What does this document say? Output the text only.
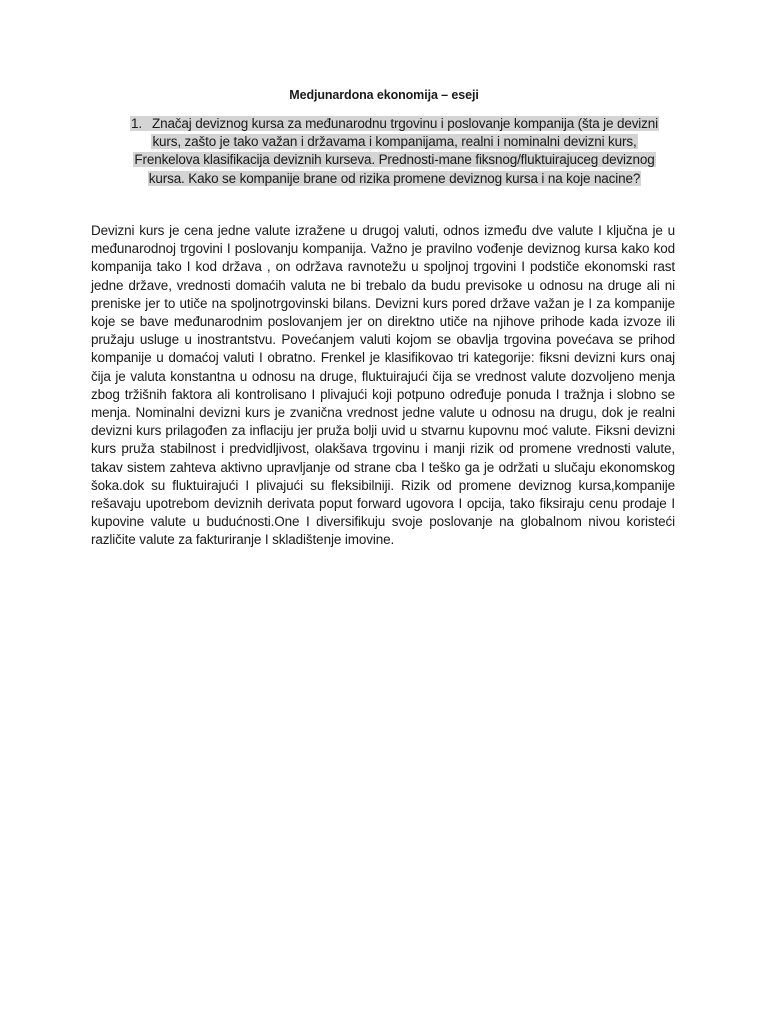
Medjunardona ekonomija – eseji
1. Značaj deviznog kursa za međunarodnu trgovinu i poslovanje kompanija (šta je devizni kurs, zašto je tako važan i državama i kompanijama, realni i nominalni devizni kurs, Frenkelova klasifikacija deviznih kurseva. Prednosti-mane fiksnog/fluktuirajuceg deviznog kursa. Kako se kompanije brane od rizika promene deviznog kursa i na koje nacine?

Devizni kurs je cena jedne valute izražene u drugoj valuti, odnos između dve valute I ključna je u međunarodnoj trgovini I poslovanju kompanija. Važno je pravilno vođenje deviznog kursa kako kod kompanija tako I kod država , on održava ravnotežu u spoljnoj trgovini I podstiče ekonomski rast jedne države, vrednosti domaćih valuta ne bi trebalo da budu previsoke u odnosu na druge ali ni preniske jer to utiče na spoljnotrgovinski bilans. Devizni kurs pored države važan je I za kompanije koje se bave međunarodnim poslovanjem jer on direktno utiče na njihove prihode kada izvoze ili pružaju usluge u inostrantstvu. Povećanjem valuti kojom se obavlja trgovina povećava se prihod kompanije u domaćoj valuti I obratno. Frenkel je klasifikovao tri kategorije: fiksni devizni kurs onaj čija je valuta konstantna u odnosu na druge, fluktuirajući čija se vrednost valute dozvoljeno menja zbog tržišnih faktora ali kontrolisano I plivajući koji potpuno određuje ponuda I tražnja i slobno se menja. Nominalni devizni kurs je zvanična vrednost jedne valute u odnosu na drugu, dok je realni devizni kurs prilagođen za inflaciju jer pruža bolji uvid u stvarnu kupovnu moć valute. Fiksni devizni kurs pruža stabilnost i predvidljivost, olakšava trgovinu i manji rizik od promene vrednosti valute, takav sistem zahteva aktivno upravljanje od strane cba I teško ga je održati u slučaju ekonomskog šoka.dok su fluktuirajući I plivajući su fleksibilniji. Rizik od promene deviznog kursa,kompanije rešavaju upotrebom deviznih derivata poput forward ugovora I opcija, tako fiksiraju cenu prodaje I kupovine valute u budućnosti.One I diversifikuju svoje poslovanje na globalnom nivou koristeći različite valute za fakturiranje I skladištenje imovine.
